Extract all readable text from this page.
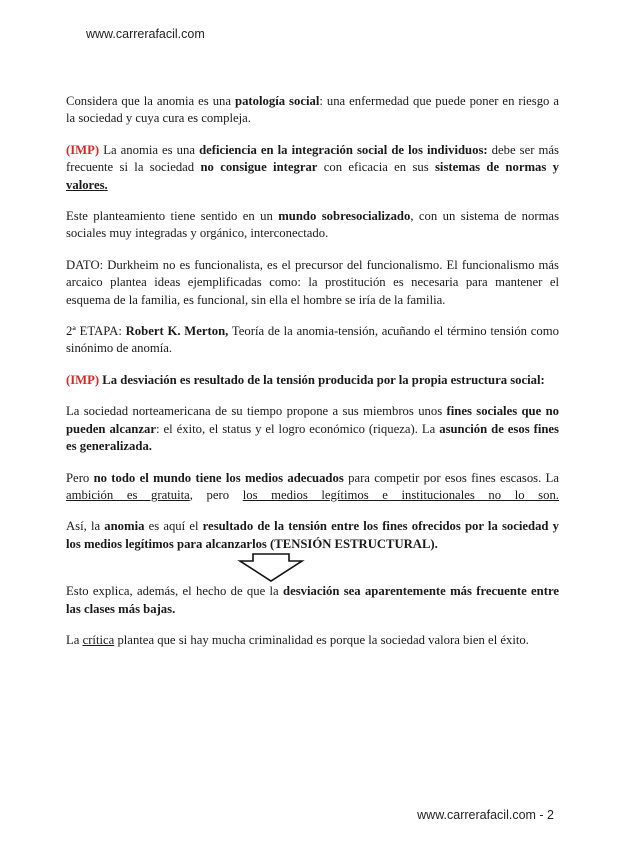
www.carrerafacil.com

Considera que la anomia es una patología social: una enfermedad que puede poner en riesgo a la sociedad y cuya cura es compleja.

(IMP) La anomia es una deficiencia en la integración social de los individuos: debe ser más frecuente si la sociedad no consigue integrar con eficacia en sus sistemas de normas y valores.

Este planteamiento tiene sentido en un mundo sobresocializado, con un sistema de normas sociales muy integradas y orgánico, interconectado.

DATO: Durkheim no es funcionalista, es el precursor del funcionalismo. El funcionalismo más arcaico plantea ideas ejemplificadas como: la prostitución es necesaria para mantener el esquema de la familia, es funcional, sin ella el hombre se iría de la familia.

2ª ETAPA: Robert K. Merton, Teoría de la anomia-tensión, acuñando el término tensión como sinónimo de anomía.

(IMP) La desviación es resultado de la tensión producida por la propia estructura social:

La sociedad norteamericana de su tiempo propone a sus miembros unos fines sociales que no pueden alcanzar: el éxito, el status y el logro económico (riqueza). La asunción de esos fines es generalizada.

Pero no todo el mundo tiene los medios adecuados para competir por esos fines escasos. La ambición es gratuita, pero los medios legítimos e institucionales no lo son.

Así, la anomia es aquí el resultado de la tensión entre los fines ofrecidos por la sociedad y los medios legítimos para alcanzarlos (TENSIÓN ESTRUCTURAL).

Esto explica, además, el hecho de que la desviación sea aparentemente más frecuente entre las clases más bajas.

La crítica plantea que si hay mucha criminalidad es porque la sociedad valora bien el éxito.

www.carrerafacil.com - 2
